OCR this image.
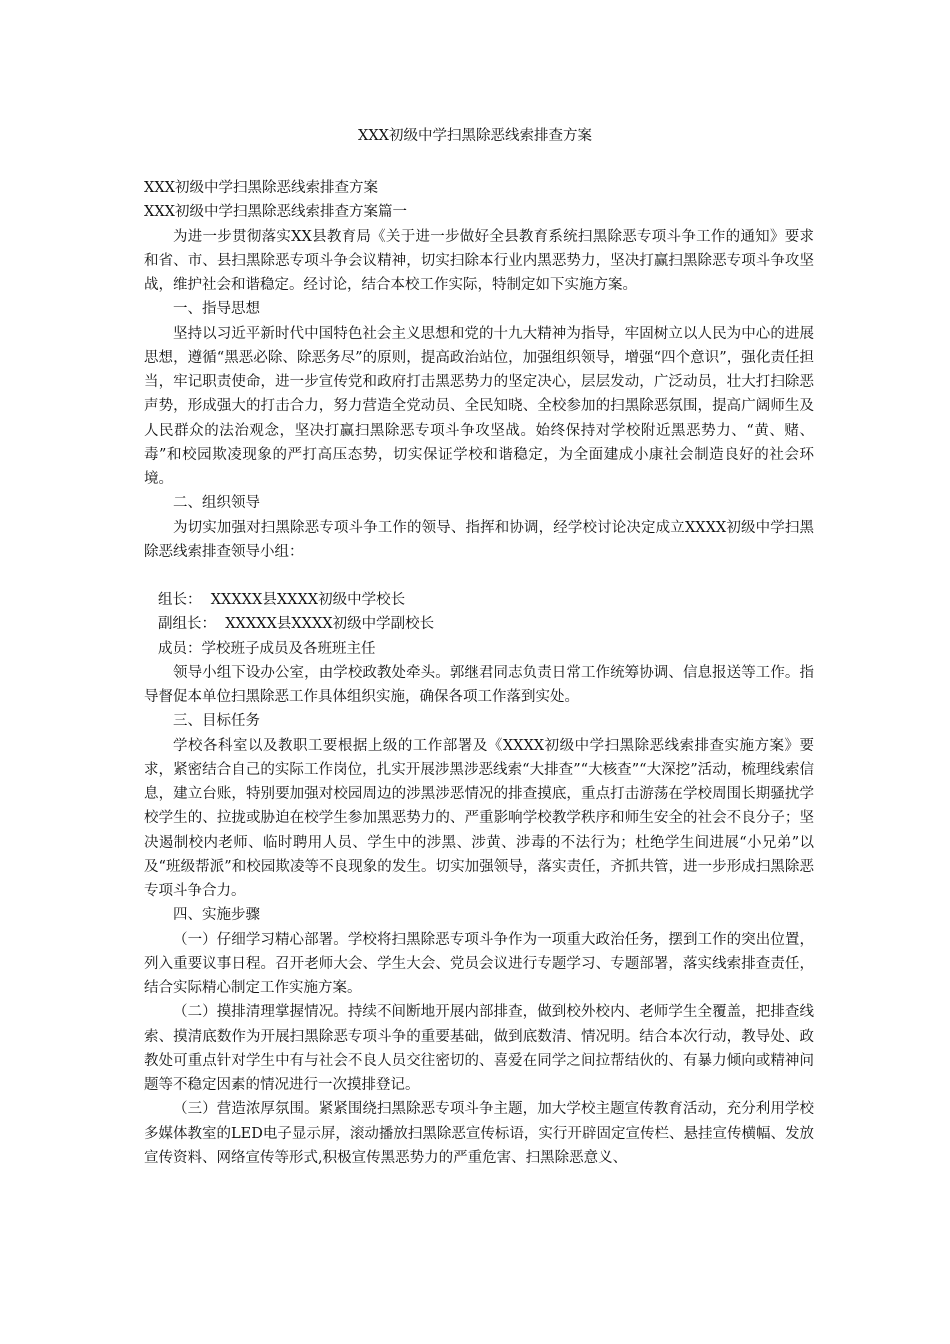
XXX初级中学扫黑除恶线索排查方案

XXX初级中学扫黑除恶线索排查方案

XXX初级中学扫黑除恶线索排查方案篇一

为进一步贯彻落实XX县教育局《关于进一步做好全县教育系统扫黑除恶专项斗争工作的通知》要求和省、市、县扫黑除恶专项斗争会议精神，切实扫除本行业内黑恶势力，坚决打赢扫黑除恶专项斗争攻坚战，维护社会和谐稳定。经讨论，结合本校工作实际，特制定如下实施方案。

一、指导思想

坚持以习近平新时代中国特色社会主义思想和党的十九大精神为指导，牢固树立以人民为中心的进展思想，遵循“黑恶必除、除恶务尽”的原则，提高政治站位，加强组织领导，增强“四个意识”，强化责任担当，牢记职责使命，进一步宣传党和政府打击黑恶势力的坚定决心，层层发动，广泛动员，壮大打扫除恶声势，形成强大的打击合力，努力营造全党动员、全民知晓、全校参加的扫黑除恶氛围，提高广阔师生及人民群众的法治观念，坚决打赢扫黑除恶专项斗争攻坚战。始终保持对学校附近黑恶势力、“黄、赌、毒”和校园欺凌现象的严打高压态势，切实保证学校和谐稳定，为全面建成小康社会制造良好的社会环境。

二、组织领导

为切实加强对扫黑除恶专项斗争工作的领导、指挥和协调，经学校讨论决定成立XXXX初级中学扫黑除恶线索排查领导小组：

组长：  XXXXX县XXXX初级中学校长

副组长：  XXXXX县XXXX初级中学副校长

成员：学校班子成员及各班班主任

领导小组下设办公室，由学校政教处牵头。郭继君同志负责日常工作统筹协调、信息报送等工作。指导督促本单位扫黑除恶工作具体组织实施，确保各项工作落到实处。

三、目标任务

学校各科室以及教职工要根据上级的工作部署及《XXXX初级中学扫黑除恶线索排查实施方案》要求，紧密结合自己的实际工作岗位，扎实开展涉黑涉恶线索“大排查”“大核查”“大深挖”活动，梳理线索信息，建立台账，特别要加强对校园周边的涉黑涉恶情况的排查摸底，重点打击游荡在学校周围长期骚扰学校学生的、拉拢或胁迫在校学生参加黑恶势力的、严重影响学校教学秩序和师生安全的社会不良分子；坚决遏制校内老师、临时聘用人员、学生中的涉黑、涉黄、涉毒的不法行为；杜绝学生间进展“小兄弟”以及“班级帮派”和校园欺凌等不良现象的发生。切实加强领导，落实责任，齐抓共管，进一步形成扫黑除恶专项斗争合力。

四、实施步骤

（一）仔细学习精心部署。学校将扫黑除恶专项斗争作为一项重大政治任务，摆到工作的突出位置，列入重要议事日程。召开老师大会、学生大会、党员会议进行专题学习、专题部署，落实线索排查责任，结合实际精心制定工作实施方案。

（二）摸排清理掌握情况。持续不间断地开展内部排查，做到校外校内、老师学生全覆盖，把排查线索、摸清底数作为开展扫黑除恶专项斗争的重要基础，做到底数清、情况明。结合本次行动，教导处、政教处可重点针对学生中有与社会不良人员交往密切的、喜爱在同学之间拉帮结伙的、有暴力倾向或精神问题等不稳定因素的情况进行一次摸排登记。

（三）营造浓厚氛围。紧紧围绕扫黑除恶专项斗争主题，加大学校主题宣传教育活动，充分利用学校多媒体教室的LED电子显示屏，滚动播放扫黑除恶宣传标语，实行开辟固定宣传栏、悬挂宣传横幅、发放宣传资料、网络宣传等形式,积极宣传黑恶势力的严重危害、扫黑除恶意义、
